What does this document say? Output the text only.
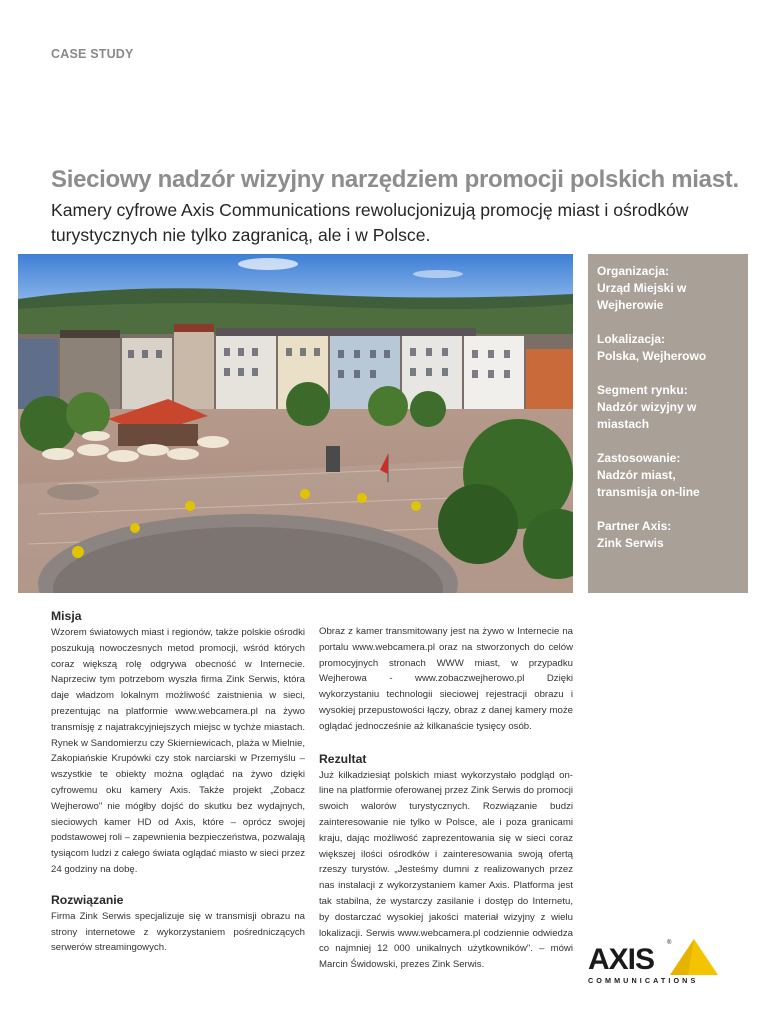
CASE STUDY
Sieciowy nadzór wizyjny narzędziem promocji polskich miast.

Kamery cyfrowe Axis Communications rewolucjonizują promocję miast i ośrodków turystycznych nie tylko zagranicą, ale i w Polsce.

Organizacja:
Urząd Miejski w Wejherowie
Lokalizacja:
Polska, Wejherowo
Segment rynku:
Nadzór wizyjny w miastach
Zastosowanie:
Nadzór miast, transmisja on-line
Partner Axis:
Zink Serwis
Misja

Wzorem światowych miast i regionów, także polskie ośrodki poszukują nowoczesnych metod promocji, wśród których coraz większą rolę odgrywa obecność w Internecie. Naprzeciw tym potrzebom wyszła firma Zink Serwis, która daje władzom lokalnym możliwość zaistnienia w sieci, prezentując na platformie www.webcamera.pl na żywo transmisję z najatrakcyjniejszych miejsc w tychże miastach. Rynek w Sandomierzu czy Skierniewicach, plaża w Mielnie, Zakopiańskie Krupówki czy stok narciarski w Przemyślu –wszystkie te obiekty można oglądać na żywo dzięki cyfrowemu oku kamery Axis. Także projekt „Zobacz Wejherowo" nie mógłby dojść do skutku bez wydajnych, sieciowych kamer HD od Axis, które – oprócz swojej podstawowej roli – zapewnienia bezpieczeństwa, pozwalają tysiącom ludzi z całego świata oglądać miasto w sieci przez 24 godziny na dobę.

Rozwiązanie

Firma Zink Serwis specjalizuje się w transmisji obrazu na strony internetowe z wykorzystaniem pośredniczących serwerów streamingowych.

Obraz z kamer transmitowany jest na żywo w Internecie na portalu www.webcamera.pl oraz na stworzonych do celów promocyjnych stronach WWW miast, w przypadku Wejherowa - www.zobaczwejherowo.pl Dzięki wykorzystaniu technologii sieciowej rejestracji obrazu i wysokiej przepustowości łączy, obraz z danej kamery może oglądać jednocześnie aż kilkanaście tysięcy osób.

Rezultat

Już kilkadziesiąt polskich miast wykorzystało podgląd on-line na platformie oferowanej przez Zink Serwis do promocji swoich walorów turystycznych. Rozwiązanie budzi zainteresowanie nie tylko w Polsce, ale i poza granicami kraju, dając możliwość zaprezentowania się w sieci coraz większej ilości ośrodków i zainteresowania swoją ofertą rzeszy turystów. „Jesteśmy dumni z realizowanych przez nas instalacji z wykorzystaniem kamer Axis. Platforma jest tak stabilna, że wystarczy zasilanie i dostęp do Internetu, by dostarczać wysokiej jakości materiał wizyjny z wielu lokalizacji. Serwis www.webcamera.pl codziennie odwiedza co najmniej 12 000 unikalnych użytkowników". – mówi Marcin Świdowski, prezes Zink Serwis.	AXIS ®
COMMUNICATIONS
